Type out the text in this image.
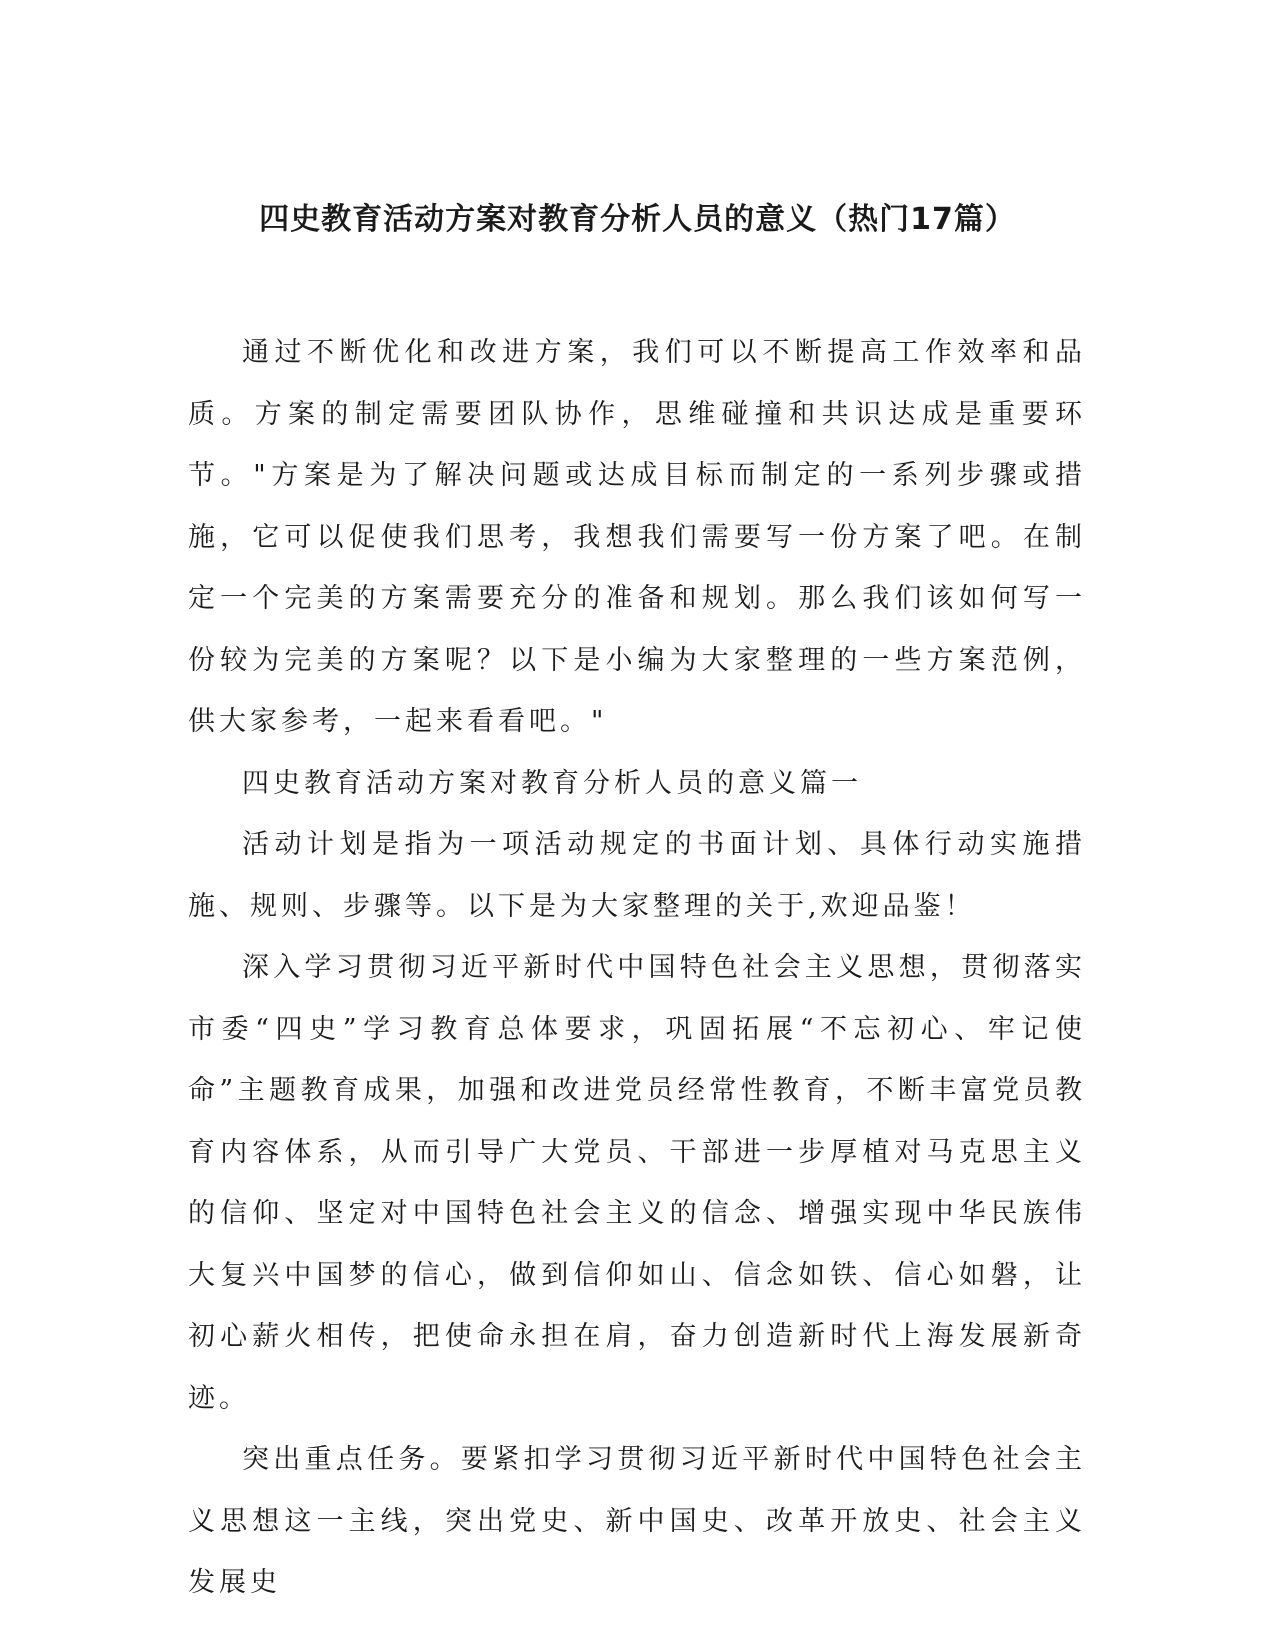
四史教育活动方案对教育分析人员的意义（热门17篇）

通过不断优化和改进方案，我们可以不断提高工作效率和品质。方案的制定需要团队协作，思维碰撞和共识达成是重要环节。"方案是为了解决问题或达成目标而制定的一系列步骤或措施，它可以促使我们思考，我想我们需要写一份方案了吧。在制定一个完美的方案需要充分的准备和规划。那么我们该如何写一份较为完美的方案呢？以下是小编为大家整理的一些方案范例，供大家参考，一起来看看吧。"

四史教育活动方案对教育分析人员的意义篇一

活动计划是指为一项活动规定的书面计划、具体行动实施措施、规则、步骤等。以下是为大家整理的关于,欢迎品鉴！

深入学习贯彻习近平新时代中国特色社会主义思想，贯彻落实市委“四史”学习教育总体要求，巩固拓展“不忘初心、牢记使命”主题教育成果，加强和改进党员经常性教育，不断丰富党员教育内容体系，从而引导广大党员、干部进一步厚植对马克思主义的信仰、坚定对中国特色社会主义的信念、增强实现中华民族伟大复兴中国梦的信心，做到信仰如山、信念如铁、信心如磐，让初心薪火相传，把使命永担在肩，奋力创造新时代上海发展新奇迹。

突出重点任务。要紧扣学习贯彻习近平新时代中国特色社会主义思想这一主线，突出党史、新中国史、改革开放史、社会主义发展史
